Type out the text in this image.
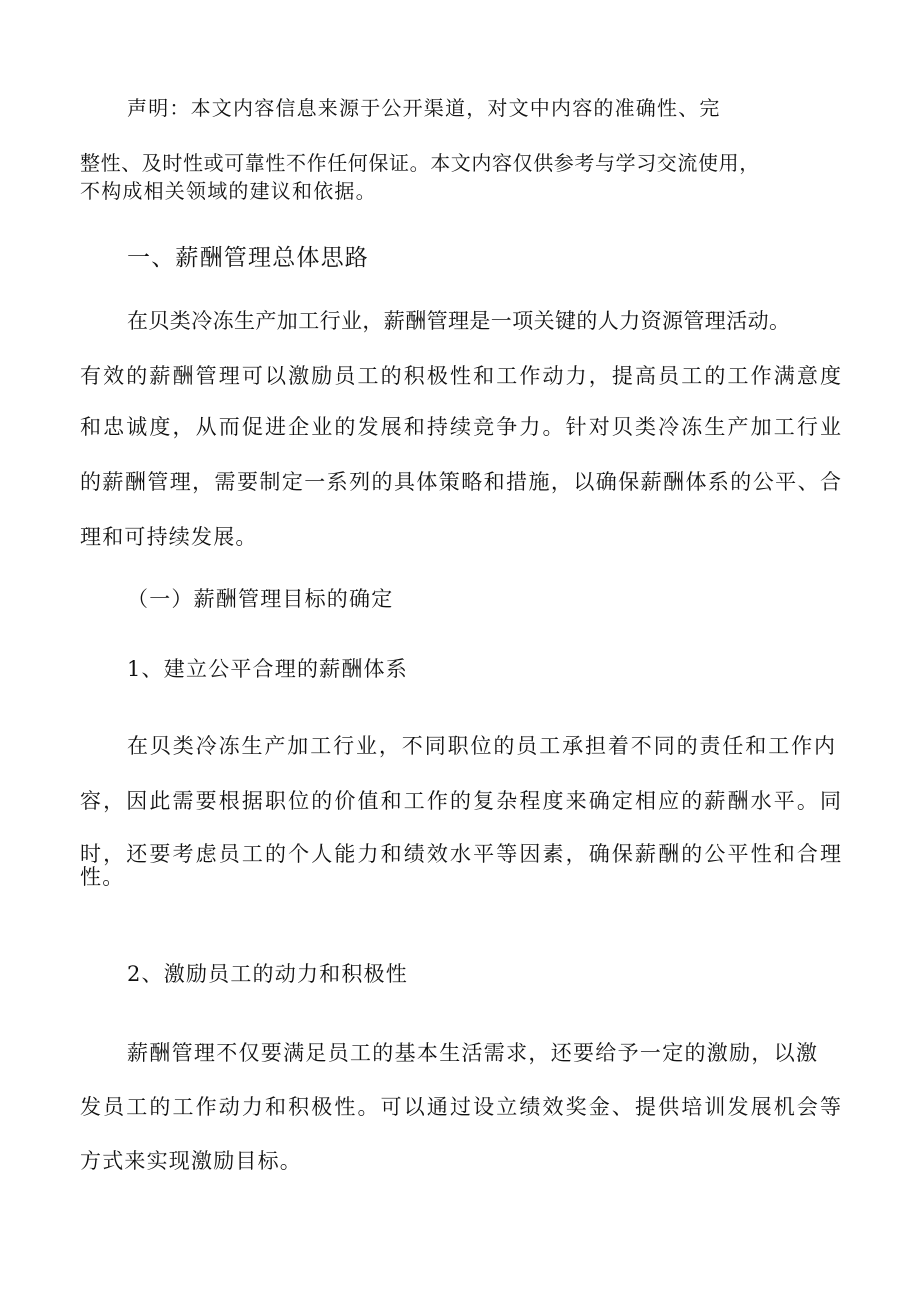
声明：本文内容信息来源于公开渠道，对文中内容的准确性、完
整性、及时性或可靠性不作任何保证。本文内容仅供参考与学习交流使用，
不构成相关领域的建议和依据。
一、薪酬管理总体思路
在贝类冷冻生产加工行业，薪酬管理是一项关键的人力资源管理活动。
有效的薪酬管理可以激励员工的积极性和工作动力，提高员工的工作满意度
和忠诚度，从而促进企业的发展和持续竞争力。针对贝类冷冻生产加工行业
的薪酬管理，需要制定一系列的具体策略和措施，以确保薪酬体系的公平、合
理和可持续发展。
（一）薪酬管理目标的确定
1、建立公平合理的薪酬体系
在贝类冷冻生产加工行业，不同职位的员工承担着不同的责任和工作内
容，因此需要根据职位的价值和工作的复杂程度来确定相应的薪酬水平。同
时，还要考虑员工的个人能力和绩效水平等因素，确保薪酬的公平性和合理
性。
2、激励员工的动力和积极性
薪酬管理不仅要满足员工的基本生活需求，还要给予一定的激励，以激
发员工的工作动力和积极性。可以通过设立绩效奖金、提供培训发展机会等
方式来实现激励目标。
